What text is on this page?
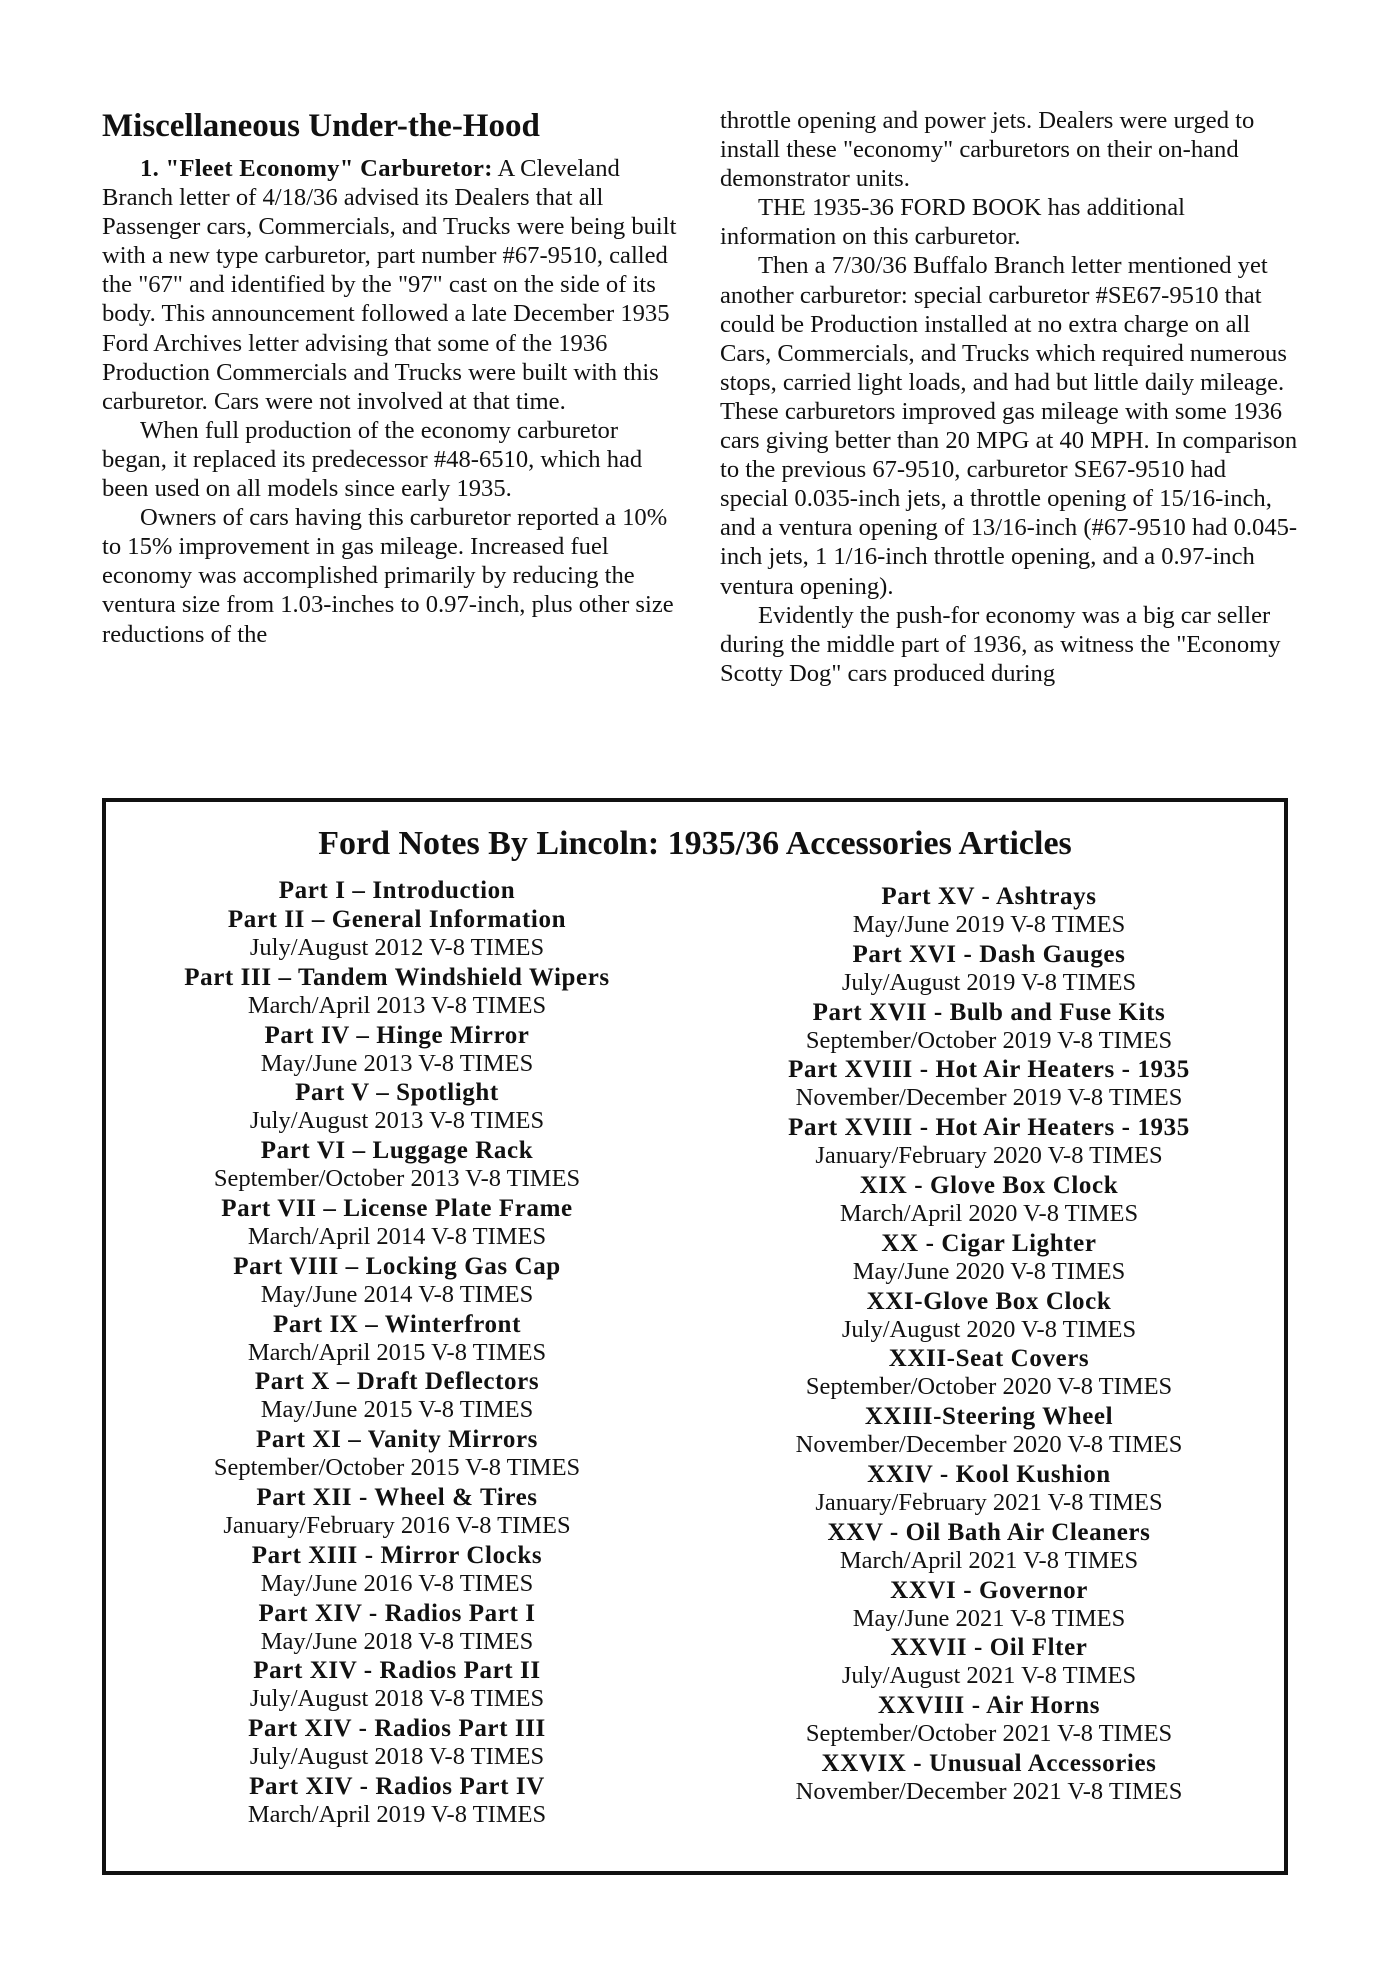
Miscellaneous Under-the-Hood

1. "Fleet Economy" Carburetor: A Cleveland Branch letter of 4/18/36 advised its Dealers that all Passenger cars, Commercials, and Trucks were being built with a new type carburetor, part number #67-9510, called the "67" and identified by the "97" cast on the side of its body. This announcement followed a late December 1935 Ford Archives letter advising that some of the 1936 Production Commercials and Trucks were built with this carburetor. Cars were not involved at that time.

When full production of the economy carburetor began, it replaced its predecessor #48-6510, which had been used on all models since early 1935.

Owners of cars having this carburetor reported a 10% to 15% improvement in gas mileage. Increased fuel economy was accomplished primarily by reducing the ventura size from 1.03-inches to 0.97-inch, plus other size reductions of the

throttle opening and power jets. Dealers were urged to install these "economy" carburetors on their on-hand demonstrator units.

THE 1935-36 FORD BOOK has additional information on this carburetor.

Then a 7/30/36 Buffalo Branch letter mentioned yet another carburetor: special carburetor #SE67-9510 that could be Production installed at no extra charge on all Cars, Commercials, and Trucks which required numerous stops, carried light loads, and had but little daily mileage. These carburetors improved gas mileage with some 1936 cars giving better than 20 MPG at 40 MPH. In comparison to the previous 67-9510, carburetor SE67-9510 had special 0.035-inch jets, a throttle opening of 15/16-inch, and a ventura opening of 13/16-inch (#67-9510 had 0.045-inch jets, 1 1/16-inch throttle opening, and a 0.97-inch ventura opening).

Evidently the push-for economy was a big car seller during the middle part of 1936, as witness the "Economy Scotty Dog" cars produced during

Ford Notes By Lincoln: 1935/36 Accessories Articles
Part I – Introduction
Part II – General Information
July/August 2012 V-8 TIMES
Part III – Tandem Windshield Wipers
March/April 2013 V-8 TIMES
Part IV – Hinge Mirror
May/June 2013 V-8 TIMES
Part V – Spotlight
July/August 2013 V-8 TIMES
Part VI – Luggage Rack
September/October 2013 V-8 TIMES
Part VII – License Plate Frame
March/April 2014 V-8 TIMES
Part VIII – Locking Gas Cap
May/June 2014 V-8 TIMES
Part IX – Winterfront
March/April 2015 V-8 TIMES
Part X – Draft Deflectors
May/June 2015 V-8 TIMES
Part XI – Vanity Mirrors
September/October 2015 V-8 TIMES
Part XII - Wheel & Tires
January/February 2016 V-8 TIMES
Part XIII - Mirror Clocks
May/June 2016 V-8 TIMES
Part XIV - Radios Part I
May/June 2018 V-8 TIMES
Part XIV - Radios Part II
July/August 2018 V-8 TIMES
Part XIV - Radios Part III
July/August 2018 V-8 TIMES
Part XIV - Radios Part IV
March/April 2019 V-8 TIMES
Part XV - Ashtrays
May/June 2019 V-8 TIMES
Part XVI - Dash Gauges
July/August 2019 V-8 TIMES
Part XVII - Bulb and Fuse Kits
September/October 2019 V-8 TIMES
Part XVIII - Hot Air Heaters - 1935
November/December 2019 V-8 TIMES
Part XVIII - Hot Air Heaters - 1935
January/February 2020 V-8 TIMES
XIX - Glove Box Clock
March/April 2020 V-8 TIMES
XX - Cigar Lighter
May/June 2020 V-8 TIMES
XXI-Glove Box Clock
July/August 2020 V-8 TIMES
XXII-Seat Covers
September/October 2020 V-8 TIMES
XXIII-Steering Wheel
November/December 2020 V-8 TIMES
XXIV - Kool Kushion
January/February 2021 V-8 TIMES
XXV - Oil Bath Air Cleaners
March/April 2021 V-8 TIMES
XXVI - Governor
May/June 2021 V-8 TIMES
XXVII - Oil Flter
July/August 2021 V-8 TIMES
XXVIII - Air Horns
September/October 2021 V-8 TIMES
XXVIX - Unusual Accessories
November/December 2021 V-8 TIMES
